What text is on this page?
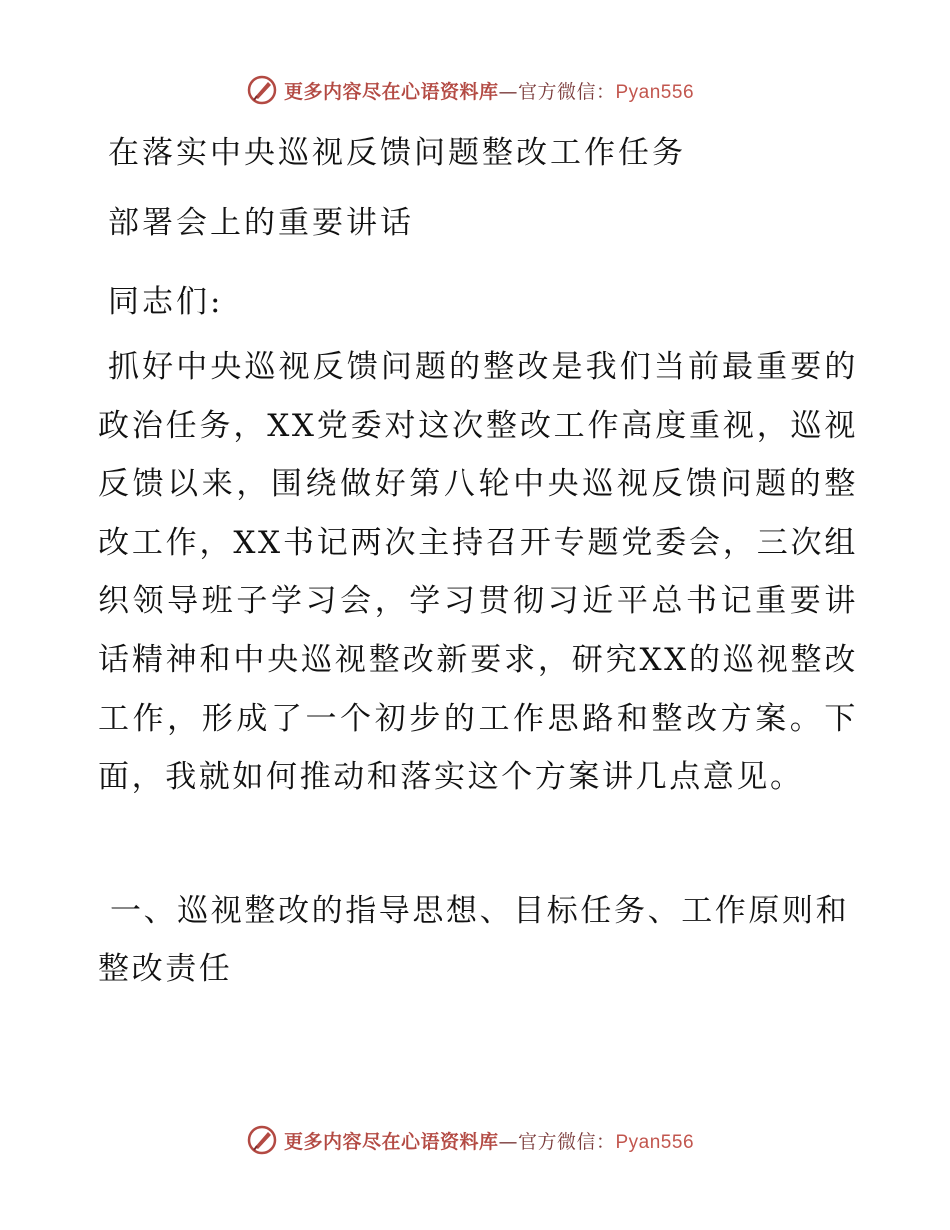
更多内容尽在心语资料库—官方微信：Pyan556
在落实中央巡视反馈问题整改工作任务
部署会上的重要讲话
同志们:
抓好中央巡视反馈问题的整改是我们当前最重要的政治任务，XX党委对这次整改工作高度重视，巡视反馈以来，围绕做好第八轮中央巡视反馈问题的整改工作，XX书记两次主持召开专题党委会，三次组织领导班子学习会，学习贯彻习近平总书记重要讲话精神和中央巡视整改新要求，研究XX的巡视整改工作，形成了一个初步的工作思路和整改方案。下面，我就如何推动和落实这个方案讲几点意见。
一、巡视整改的指导思想、目标任务、工作原则和整改责任
更多内容尽在心语资料库—官方微信：Pyan556
